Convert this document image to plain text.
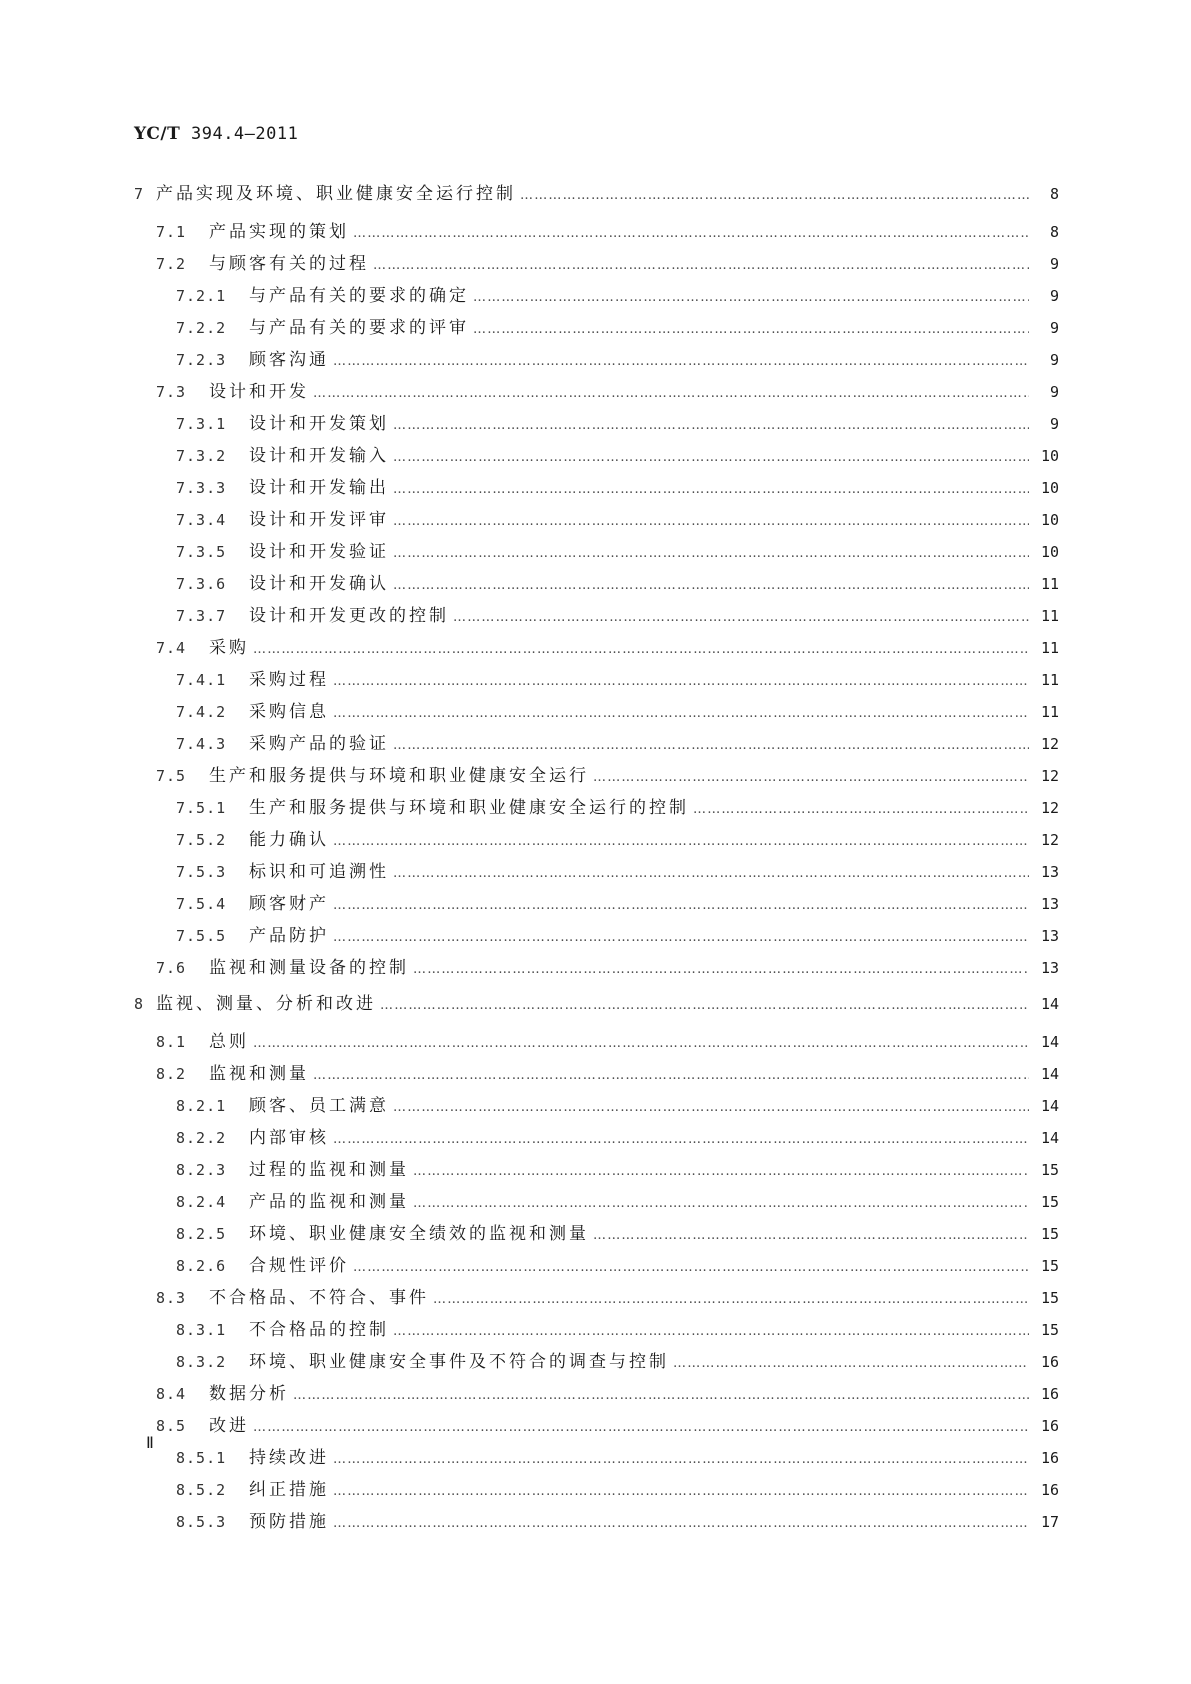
YC/T 394.4—2011
7 产品实现及环境、职业健康安全运行控制 …………………………………………………………………………………………………………………………………………………………………………………………………………………………………	8
7.1	产品实现的策划 …………………………………………………………………………………………………………………………………………………………………………………………………………………………………	8
7.2	与顾客有关的过程 …………………………………………………………………………………………………………………………………………………………………………………………………………………………………	9
7.2.1	与产品有关的要求的确定 …………………………………………………………………………………………………………………………………………………………………………………………………………………………………	9
7.2.2	与产品有关的要求的评审 …………………………………………………………………………………………………………………………………………………………………………………………………………………………………	9
7.2.3	顾客沟通 …………………………………………………………………………………………………………………………………………………………………………………………………………………………………	9
7.3	设计和开发 …………………………………………………………………………………………………………………………………………………………………………………………………………………………………	9
7.3.1	设计和开发策划 …………………………………………………………………………………………………………………………………………………………………………………………………………………………………	9
7.3.2	设计和开发输入 …………………………………………………………………………………………………………………………………………………………………………………………………………………………………	10
7.3.3	设计和开发输出 …………………………………………………………………………………………………………………………………………………………………………………………………………………………………	10
7.3.4	设计和开发评审 …………………………………………………………………………………………………………………………………………………………………………………………………………………………………	10
7.3.5	设计和开发验证 …………………………………………………………………………………………………………………………………………………………………………………………………………………………………	10
7.3.6	设计和开发确认 …………………………………………………………………………………………………………………………………………………………………………………………………………………………………	11
7.3.7	设计和开发更改的控制 …………………………………………………………………………………………………………………………………………………………………………………………………………………………………	11
7.4	采购 …………………………………………………………………………………………………………………………………………………………………………………………………………………………………	11
7.4.1	采购过程 …………………………………………………………………………………………………………………………………………………………………………………………………………………………………	11
7.4.2	采购信息 …………………………………………………………………………………………………………………………………………………………………………………………………………………………………	11
7.4.3	采购产品的验证 …………………………………………………………………………………………………………………………………………………………………………………………………………………………………	12
7.5	生产和服务提供与环境和职业健康安全运行 …………………………………………………………………………………………………………………………………………………………………………………………………………………………………	12
7.5.1	生产和服务提供与环境和职业健康安全运行的控制 …………………………………………………………………………………………………………………………………………………………………………………………………………………………………	12
7.5.2	能力确认 …………………………………………………………………………………………………………………………………………………………………………………………………………………………………	12
7.5.3	标识和可追溯性 …………………………………………………………………………………………………………………………………………………………………………………………………………………………………	13
7.5.4	顾客财产 …………………………………………………………………………………………………………………………………………………………………………………………………………………………………	13
7.5.5	产品防护 …………………………………………………………………………………………………………………………………………………………………………………………………………………………………	13
7.6	监视和测量设备的控制 …………………………………………………………………………………………………………………………………………………………………………………………………………………………………	13
8 监视、测量、分析和改进 …………………………………………………………………………………………………………………………………………………………………………………………………………………………………	14
8.1	总则 …………………………………………………………………………………………………………………………………………………………………………………………………………………………………	14
8.2	监视和测量 …………………………………………………………………………………………………………………………………………………………………………………………………………………………………	14
8.2.1	顾客、员工满意 …………………………………………………………………………………………………………………………………………………………………………………………………………………………………	14
8.2.2	内部审核 …………………………………………………………………………………………………………………………………………………………………………………………………………………………………	14
8.2.3	过程的监视和测量 …………………………………………………………………………………………………………………………………………………………………………………………………………………………………	15
8.2.4	产品的监视和测量 …………………………………………………………………………………………………………………………………………………………………………………………………………………………………	15
8.2.5	环境、职业健康安全绩效的监视和测量 …………………………………………………………………………………………………………………………………………………………………………………………………………………………………	15
8.2.6	合规性评价 …………………………………………………………………………………………………………………………………………………………………………………………………………………………………	15
8.3	不合格品、不符合、事件 …………………………………………………………………………………………………………………………………………………………………………………………………………………………………	15
8.3.1	不合格品的控制 …………………………………………………………………………………………………………………………………………………………………………………………………………………………………	15
8.3.2	环境、职业健康安全事件及不符合的调查与控制 …………………………………………………………………………………………………………………………………………………………………………………………………………………………………	16
8.4	数据分析 …………………………………………………………………………………………………………………………………………………………………………………………………………………………………	16
8.5	改进 …………………………………………………………………………………………………………………………………………………………………………………………………………………………………	16
8.5.1	持续改进 …………………………………………………………………………………………………………………………………………………………………………………………………………………………………	16
8.5.2	纠正措施 …………………………………………………………………………………………………………………………………………………………………………………………………………………………………	16
8.5.3	预防措施 …………………………………………………………………………………………………………………………………………………………………………………………………………………………………	17
Ⅱ
